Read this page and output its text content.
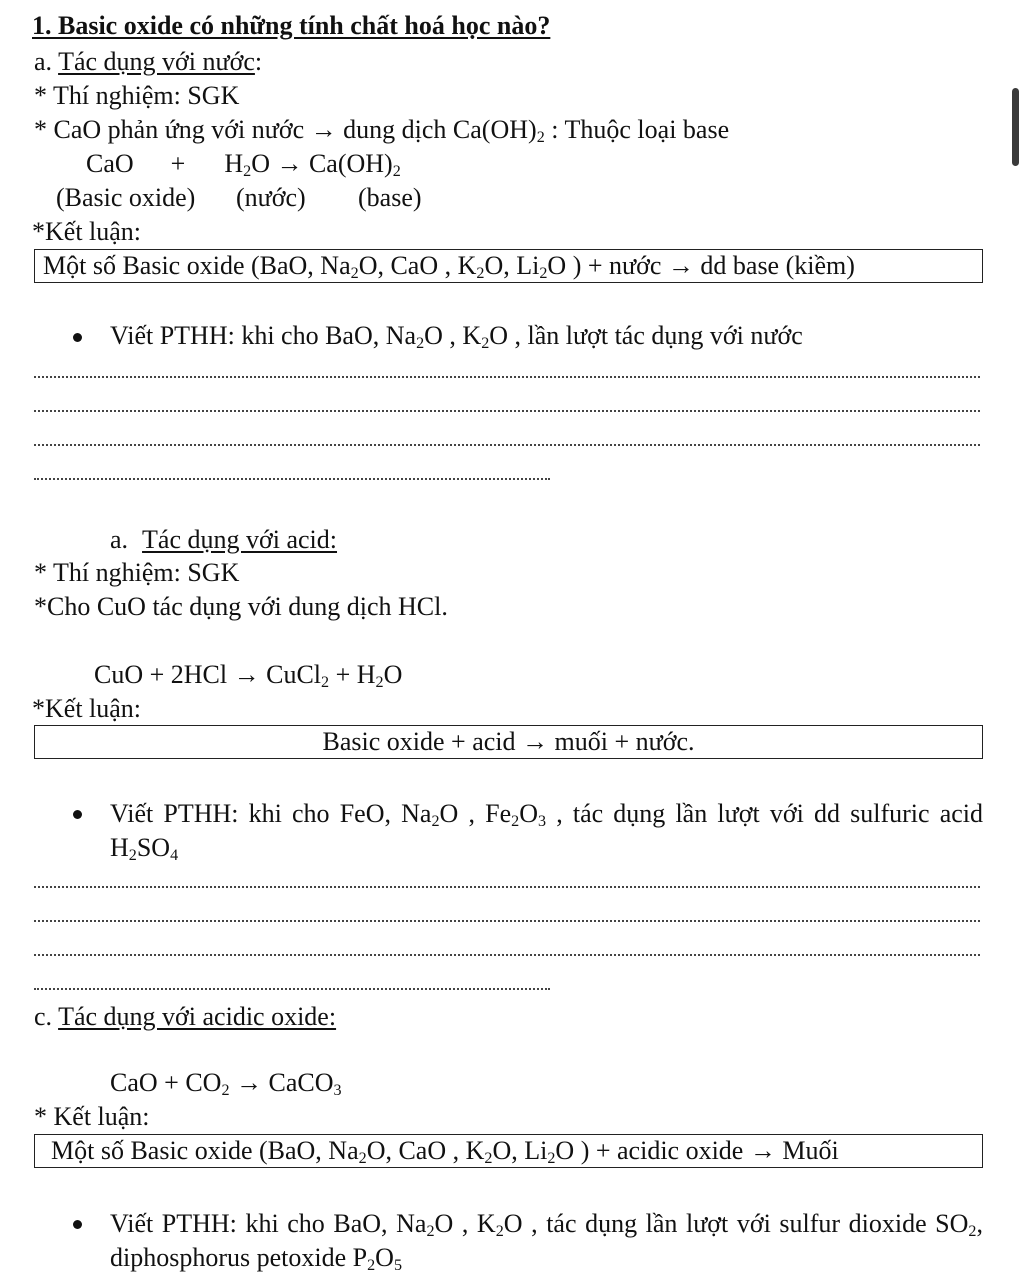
1. Basic oxide có những tính chất hoá học nào?
a. Tác dụng với nước:
* Thí nghiệm: SGK
* CaO phản ứng với nước → dung dịch $Ca(OH)_2$ : Thuộc loại base
CaO + $H_2O \to Ca(OH)_2$
(Basic oxide) (nước) (base)
*Kết luận:
Một số Basic oxide (BaO, $Na_2O$, CaO , $K_2O$, $Li_2O$ ) + nước → dd base (kiềm)
Viết PTHH: khi cho BaO, $Na_2O$ , $K_2O$ , lần lượt tác dụng với nước
a. Tác dụng với acid:
* Thí nghiệm: SGK
*Cho CuO tác dụng với dung dịch HCl.
CuO + 2HCl → CuCl$_2$ + $H_2O$
*Kết luận:
Basic oxide + acid → muối + nước.
Viết PTHH: khi cho FeO, $Na_2O$ , $Fe_2O_3$ , tác dụng lần lượt với dd sulfuric acid $H_2SO_4$
c. Tác dụng với acidic oxide:
CaO + $CO_2$ → CaCO$_3$
* Kết luận:
Một số Basic oxide (BaO, $Na_2O$, CaO , $K_2O$, $Li_2O$ ) + acidic oxide → Muối
Viết PTHH: khi cho BaO, $Na_2O$ , $K_2O$ , tác dụng lần lượt với sulfur dioxide $SO_2$, diphosphorus petoxide $P_2O_5$
